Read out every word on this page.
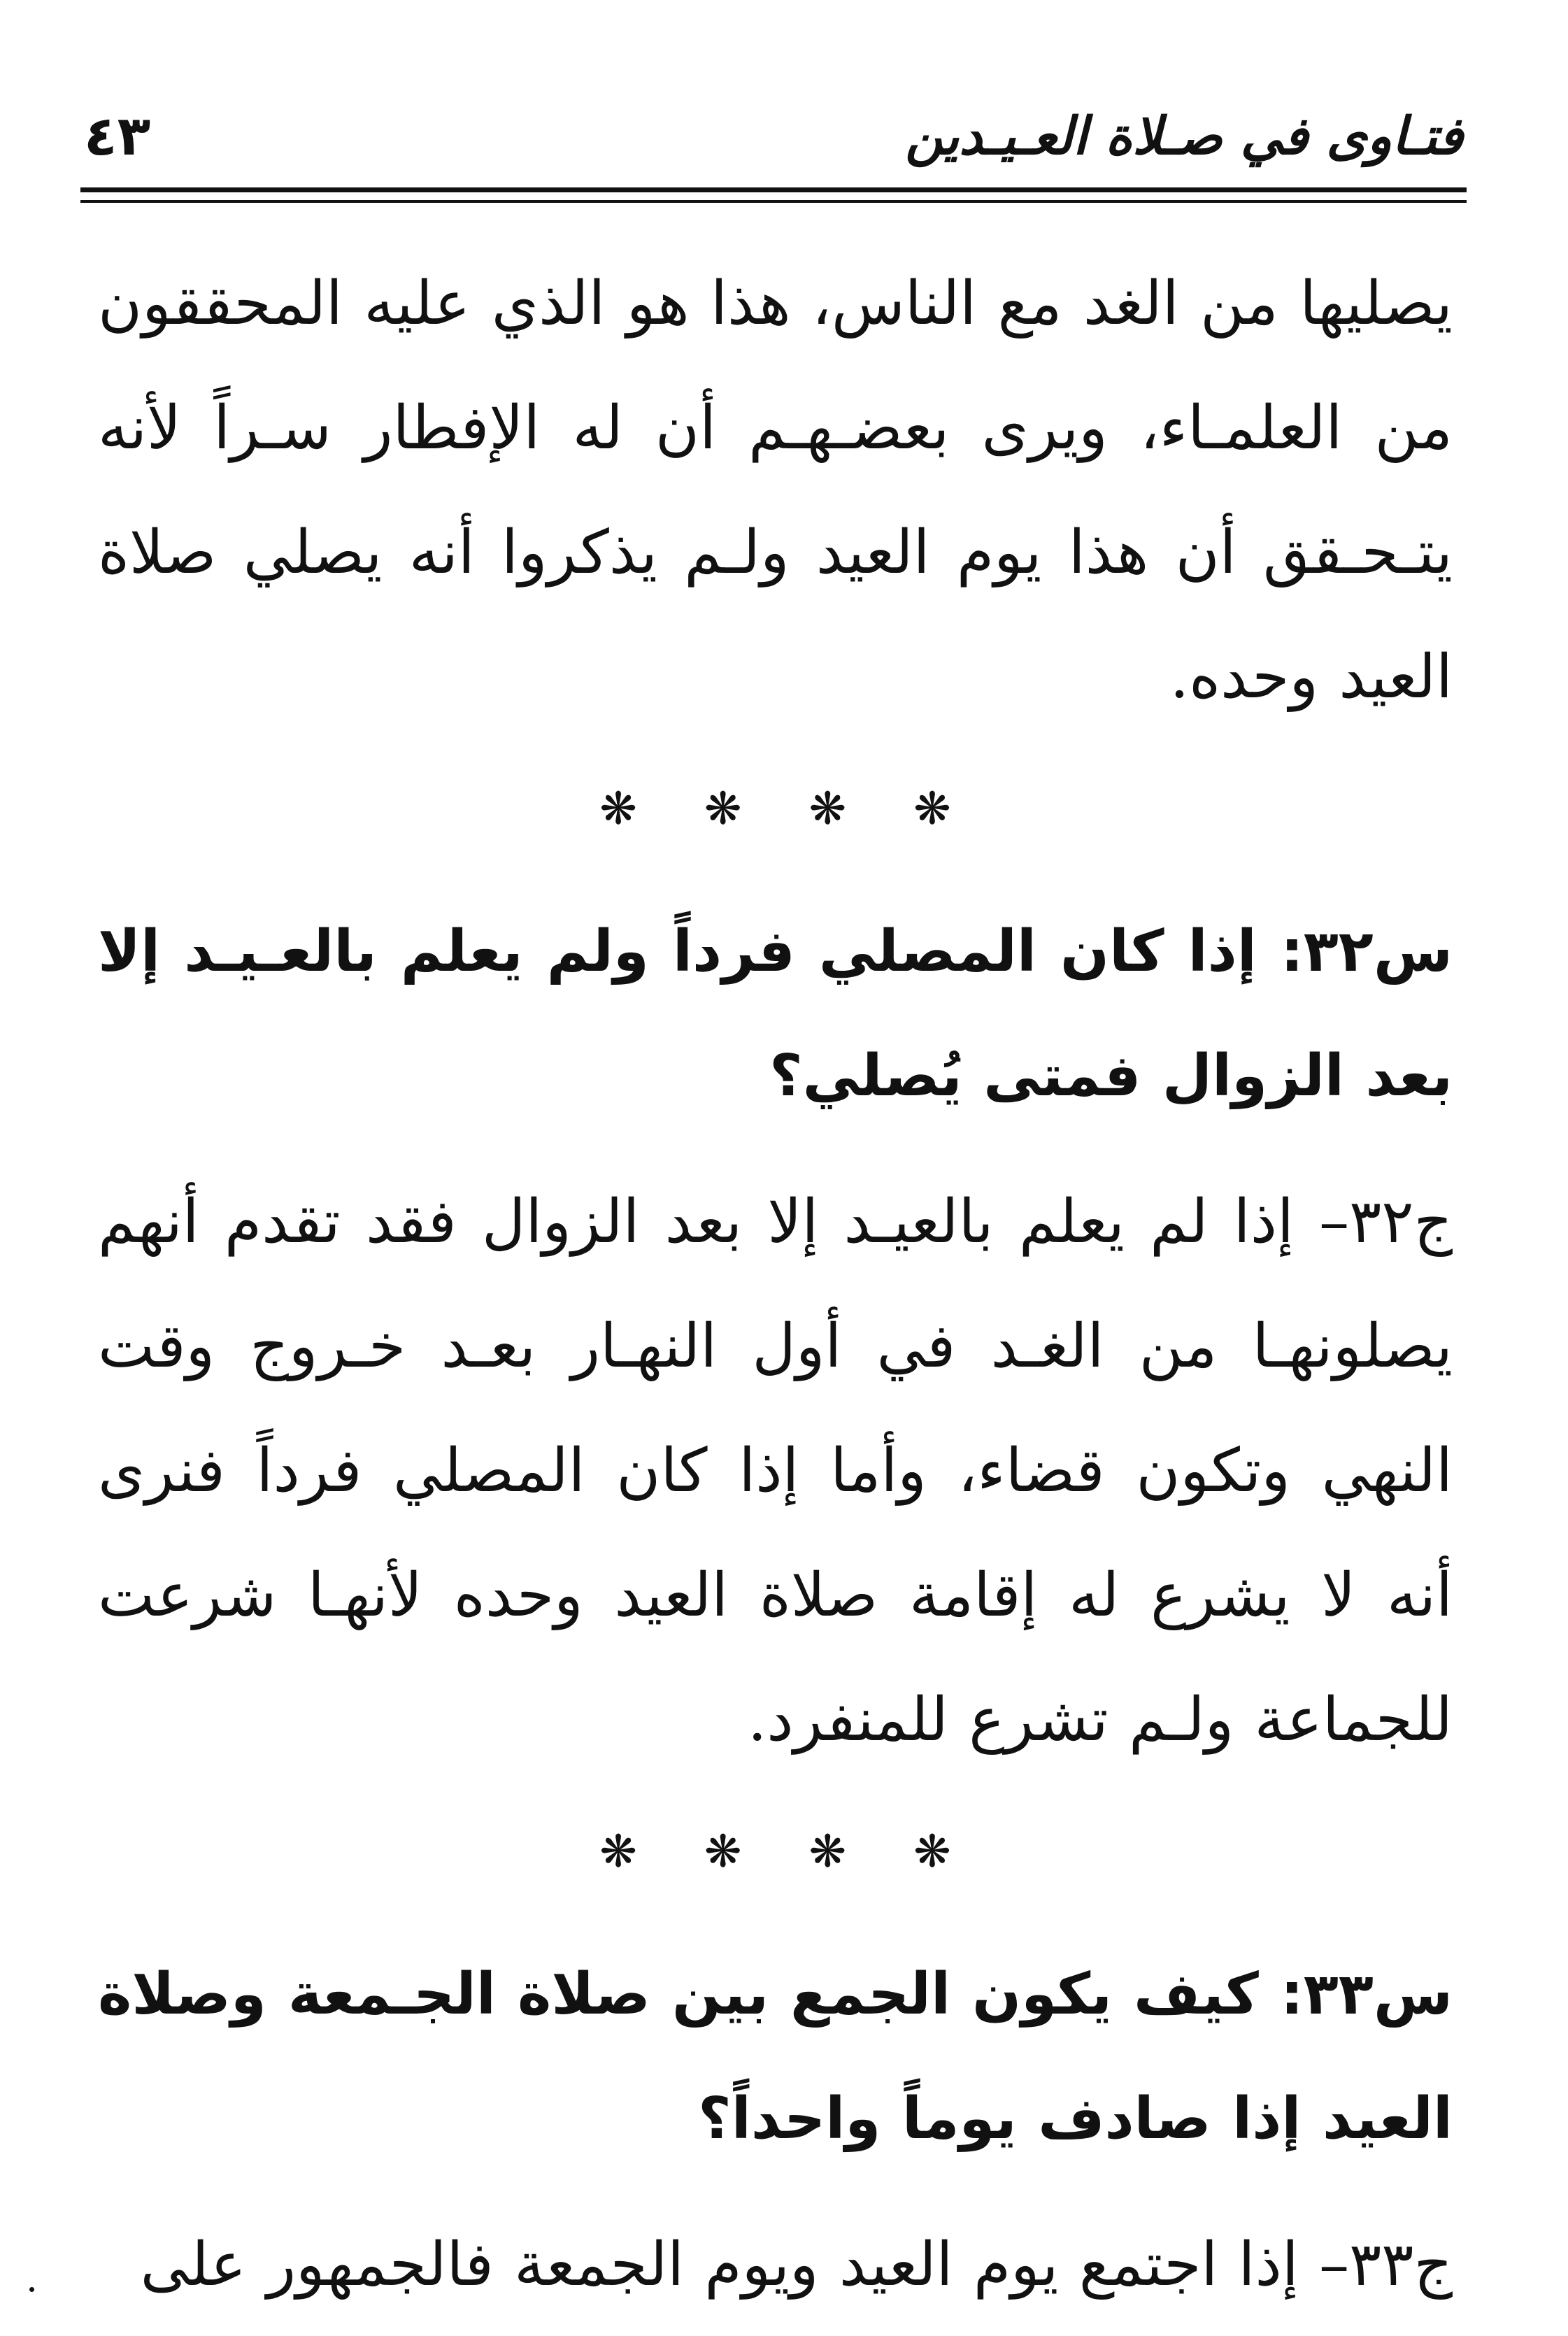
فتـاوى في صـلاة العـيـدين
٤٣

يصليها من الغد مع الناس، هذا هو الذي عليه المحققون من العلمـاء، ويرى بعضـهـم أن له الإفطار سـراً لأنه يتـحـقق أن هذا يوم العيد ولـم يذكروا أنه يصلي صلاة العيد وحده.

❋ ❋ ❋ ❋

س٣٢: إذا كان المصلي فرداً ولم يعلم بالعـيـد إلا بعد الزوال فمتى يُصلي؟

ج٣٢– إذا لم يعلم بالعيـد إلا بعد الزوال فقد تقدم أنهم يصلونهـا من الغـد في أول النهـار بعـد خـروج وقت النهي وتكون قضاء، وأما إذا كان المصلي فرداً فنرى أنه لا يشرع له إقامة صلاة العيد وحده لأنهـا شرعت للجماعة ولـم تشرع للمنفرد.

❋ ❋ ❋ ❋

س٣٣: كيف يكون الجمع بين صلاة الجـمعة وصلاة العيد إذا صادف يوماً واحداً؟

ج٣٣– إذا اجتمع يوم العيد ويوم الجمعة فالجمهور على
